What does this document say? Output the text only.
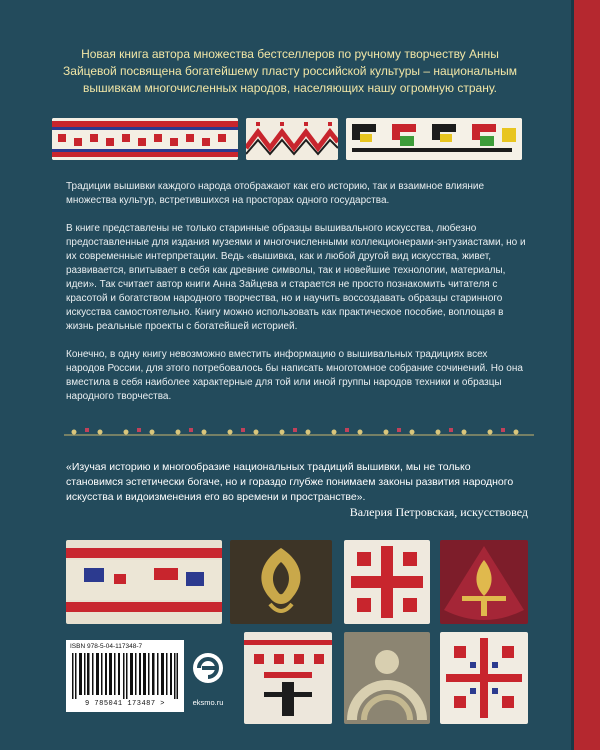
Новая книга автора множества бестселлеров по ручному творчеству Анны Зайцевой посвящена богатейшему пласту российской культуры – национальным вышивкам многочисленных народов, населяющих нашу огромную страну.

Традиции вышивки каждого народа отображают как его историю, так и взаимное влияние множества культур, встретившихся на просторах одного государства.

В книге представлены не только старинные образцы вышивального искусства, любезно предоставленные для издания музеями и многочисленными коллекционерами-энтузиастами, но и их современные интерпретации. Ведь «вышивка, как и любой другой вид искусства, живет, развивается, впитывает в себя как древние символы, так и новейшие технологии, материалы, идеи». Так считает автор книги Анна Зайцева и старается не просто познакомить читателя с красотой и богатством народного творчества, но и научить воссоздавать образцы старинного искусства самостоятельно. Книгу можно использовать как практическое пособие, воплощая в жизнь реальные проекты с богатейшей историей.

Конечно, в одну книгу невозможно вместить информацию о вышивальных традициях всех народов России, для этого потребовалось бы написать многотомное собрание сочинений. Но она вместила в себя наиболее характерные для той или иной группы народов техники и образцы народного творчества.

«Изучая историю и многообразие национальных традиций вышивки, мы не только становимся эстетически богаче, но и гораздо глубже понимаем законы развития народного искусства и видоизменения его во времени и пространстве».

Валерия Петровская, искусствовед
ISBN 978-5-04-117348-7
9 785041 173487 >	eksmo.ru
